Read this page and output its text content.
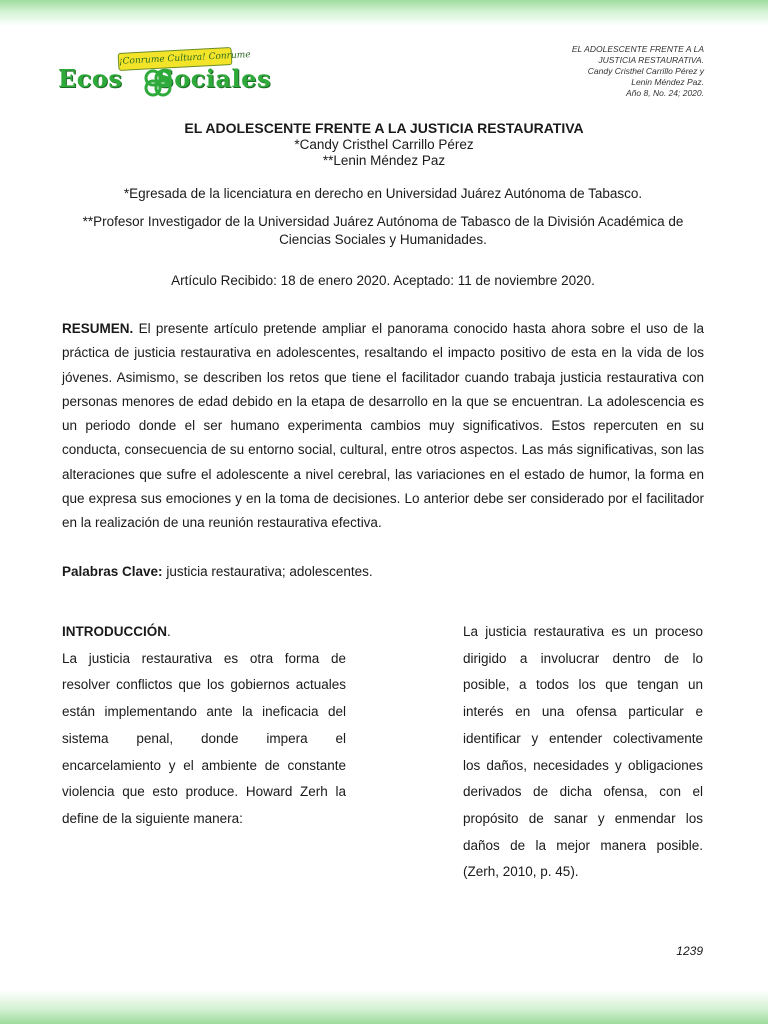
¡Conrume Cultura! Conrume
Ecos Sociales
EL ADOLESCENTE FRENTE A LA
JUSTICIA RESTAURATIVA.
Candy Cristhel Carrillo Pérez y
Lenin Méndez Paz.
Año 8, No. 24; 2020.
EL ADOLESCENTE FRENTE A LA JUSTICIA RESTAURATIVA
*Candy Cristhel Carrillo Pérez
**Lenin Méndez Paz
*Egresada de la licenciatura en derecho en Universidad Juárez Autónoma de Tabasco.
**Profesor Investigador de la Universidad Juárez Autónoma de Tabasco de la División Académica de Ciencias Sociales y Humanidades.
Artículo Recibido: 18 de enero 2020. Aceptado: 11 de noviembre 2020.
RESUMEN. El presente artículo pretende ampliar el panorama conocido hasta ahora sobre el uso de la práctica de justicia restaurativa en adolescentes, resaltando el impacto positivo de esta en la vida de los jóvenes. Asimismo, se describen los retos que tiene el facilitador cuando trabaja justicia restaurativa con personas menores de edad debido en la etapa de desarrollo en la que se encuentran. La adolescencia es un periodo donde el ser humano experimenta cambios muy significativos. Estos repercuten en su conducta, consecuencia de su entorno social, cultural, entre otros aspectos. Las más significativas, son las alteraciones que sufre el adolescente a nivel cerebral, las variaciones en el estado de humor, la forma en que expresa sus emociones y en la toma de decisiones. Lo anterior debe ser considerado por el facilitador en la realización de una reunión restaurativa efectiva.
Palabras Clave: justicia restaurativa; adolescentes.
INTRODUCCIÓN.
La justicia restaurativa es otra forma de resolver conflictos que los gobiernos actuales están implementando ante la ineficacia del sistema penal, donde impera el encarcelamiento y el ambiente de constante violencia que esto produce. Howard Zerh la define de la siguiente manera:
La justicia restaurativa es un proceso dirigido a involucrar dentro de lo posible, a todos los que tengan un interés en una ofensa particular e identificar y entender colectivamente los daños, necesidades y obligaciones derivados de dicha ofensa, con el propósito de sanar y enmendar los daños de la mejor manera posible. (Zerh, 2010, p. 45).
1239
